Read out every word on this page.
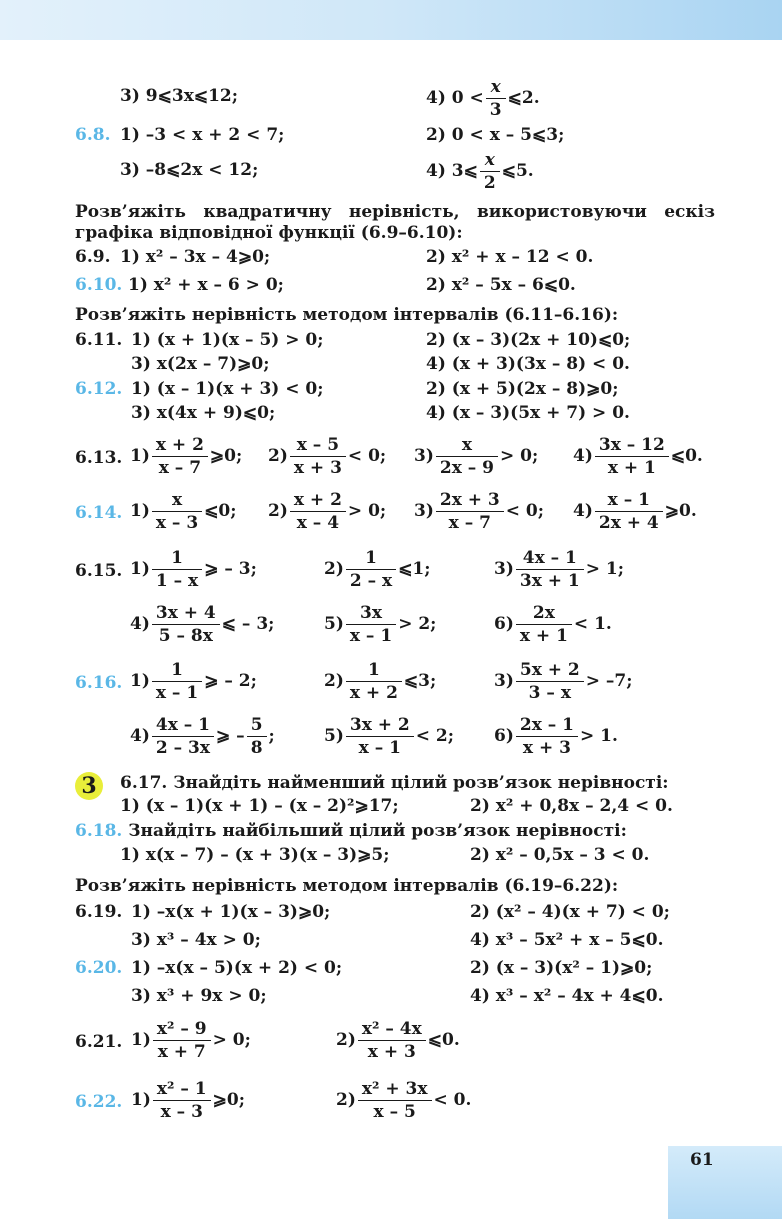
3) 9⩽3x⩽12;	4) $0 < \frac{x}{3}$ ⩽2.
6.8. 1) –3 < x + 2 < 7;	2) 0 < x – 5⩽3;
3) –8⩽2x < 12;	4) 3⩽ $\frac{x}{2}$ ⩽5.
Розв’яжіть квадратичну нерівність, використовуючи ескіз
графіка відповідної функції (6.9–6.10):
6.9. 1) x² – 3x – 4⩾0;	2) x² + x – 12 < 0.
6.10. 1) x² + x – 6 > 0;	2) x² – 5x – 6⩽0.
Розв’яжіть нерівність методом інтервалів (6.11–6.16):
6.11. 1) (x + 1)(x – 5) > 0;	2) (x – 3)(2x + 10)⩽0;
3) x(2x – 7)⩾0;	4) (x + 3)(3x – 8) < 0.
6.12. 1) (x – 1)(x + 3) < 0;	2) (x + 5)(2x – 8)⩾0;
3) x(4x + 9)⩽0;	4) (x – 3)(5x + 7) > 0.
6.13. $1) \frac{x + 2}{x - 7}$ ⩾0; $2) \frac{x - 5}{x + 3} < 0$; $3) \frac{x}{2x - 9} > 0$; $4) \frac{3x - 12}{x + 1}$ ⩽0.
6.14. $1) \frac{x}{x - 3}$ ⩽0; $2) \frac{x + 2}{x - 4} > 0$; $3) \frac{2x + 3}{x - 7} < 0$; $4) \frac{x - 1}{2x + 4}$ ⩾0.
6.15. $1) \frac{1}{1 - x}$ ⩾ – 3;	$2) \frac{1}{2 - x}$ ⩽1;	$3) \frac{4x - 1}{3x + 1} > 1$;
$4) \frac{3x + 4}{5 - 8x}$ ⩽ – 3;	$5) \frac{3x}{x - 1} > 2$;	$6) \frac{2x}{x + 1} < 1$.
6.16. $1) \frac{1}{x - 1}$ ⩾ – 2;	$2) \frac{1}{x + 2}$ ⩽3;	$3) \frac{5x + 2}{3 - x} > -7$;
$4) \frac{4x - 1}{2 - 3x}$ ⩾ – $\frac{5}{8}$ ;	$5) \frac{3x + 2}{x - 1} < 2$; $6) \frac{2x - 1}{x + 3} > 1$.
3	6.17. Знайдіть найменший цілий розв’язок нерівності:
1) (x – 1)(x + 1) – (x – 2)²⩾17;	2) x² + 0,8x – 2,4 < 0.
6.18. Знайдіть найбільший цілий розв’язок нерівності:
1) x(x – 7) – (x + 3)(x – 3)⩾5;	2) x² – 0,5x – 3 < 0.
Розв’яжіть нерівність методом інтервалів (6.19–6.22):
6.19. 1) –x(x + 1)(x – 3)⩾0;	2) (x² – 4)(x + 7) < 0;
3) x³ – 4x > 0;	4) x³ – 5x² + x – 5⩽0.
6.20. 1) –x(x – 5)(x + 2) < 0;	2) (x – 3)(x² – 1)⩾0;
3) x³ + 9x > 0;	4) x³ – x² – 4x + 4⩽0.
6.21. $1) \frac{\text{x² – 9}}{x + 7} > 0$;	$2) \frac{\text{x² – 4x}}{x + 3}$ ⩽0.
6.22. $1) \frac{\text{x² – 1}}{x - 3}$ ⩾0;	$2) \frac{\text{x² + 3x}}{x - 5} < 0$.
61
